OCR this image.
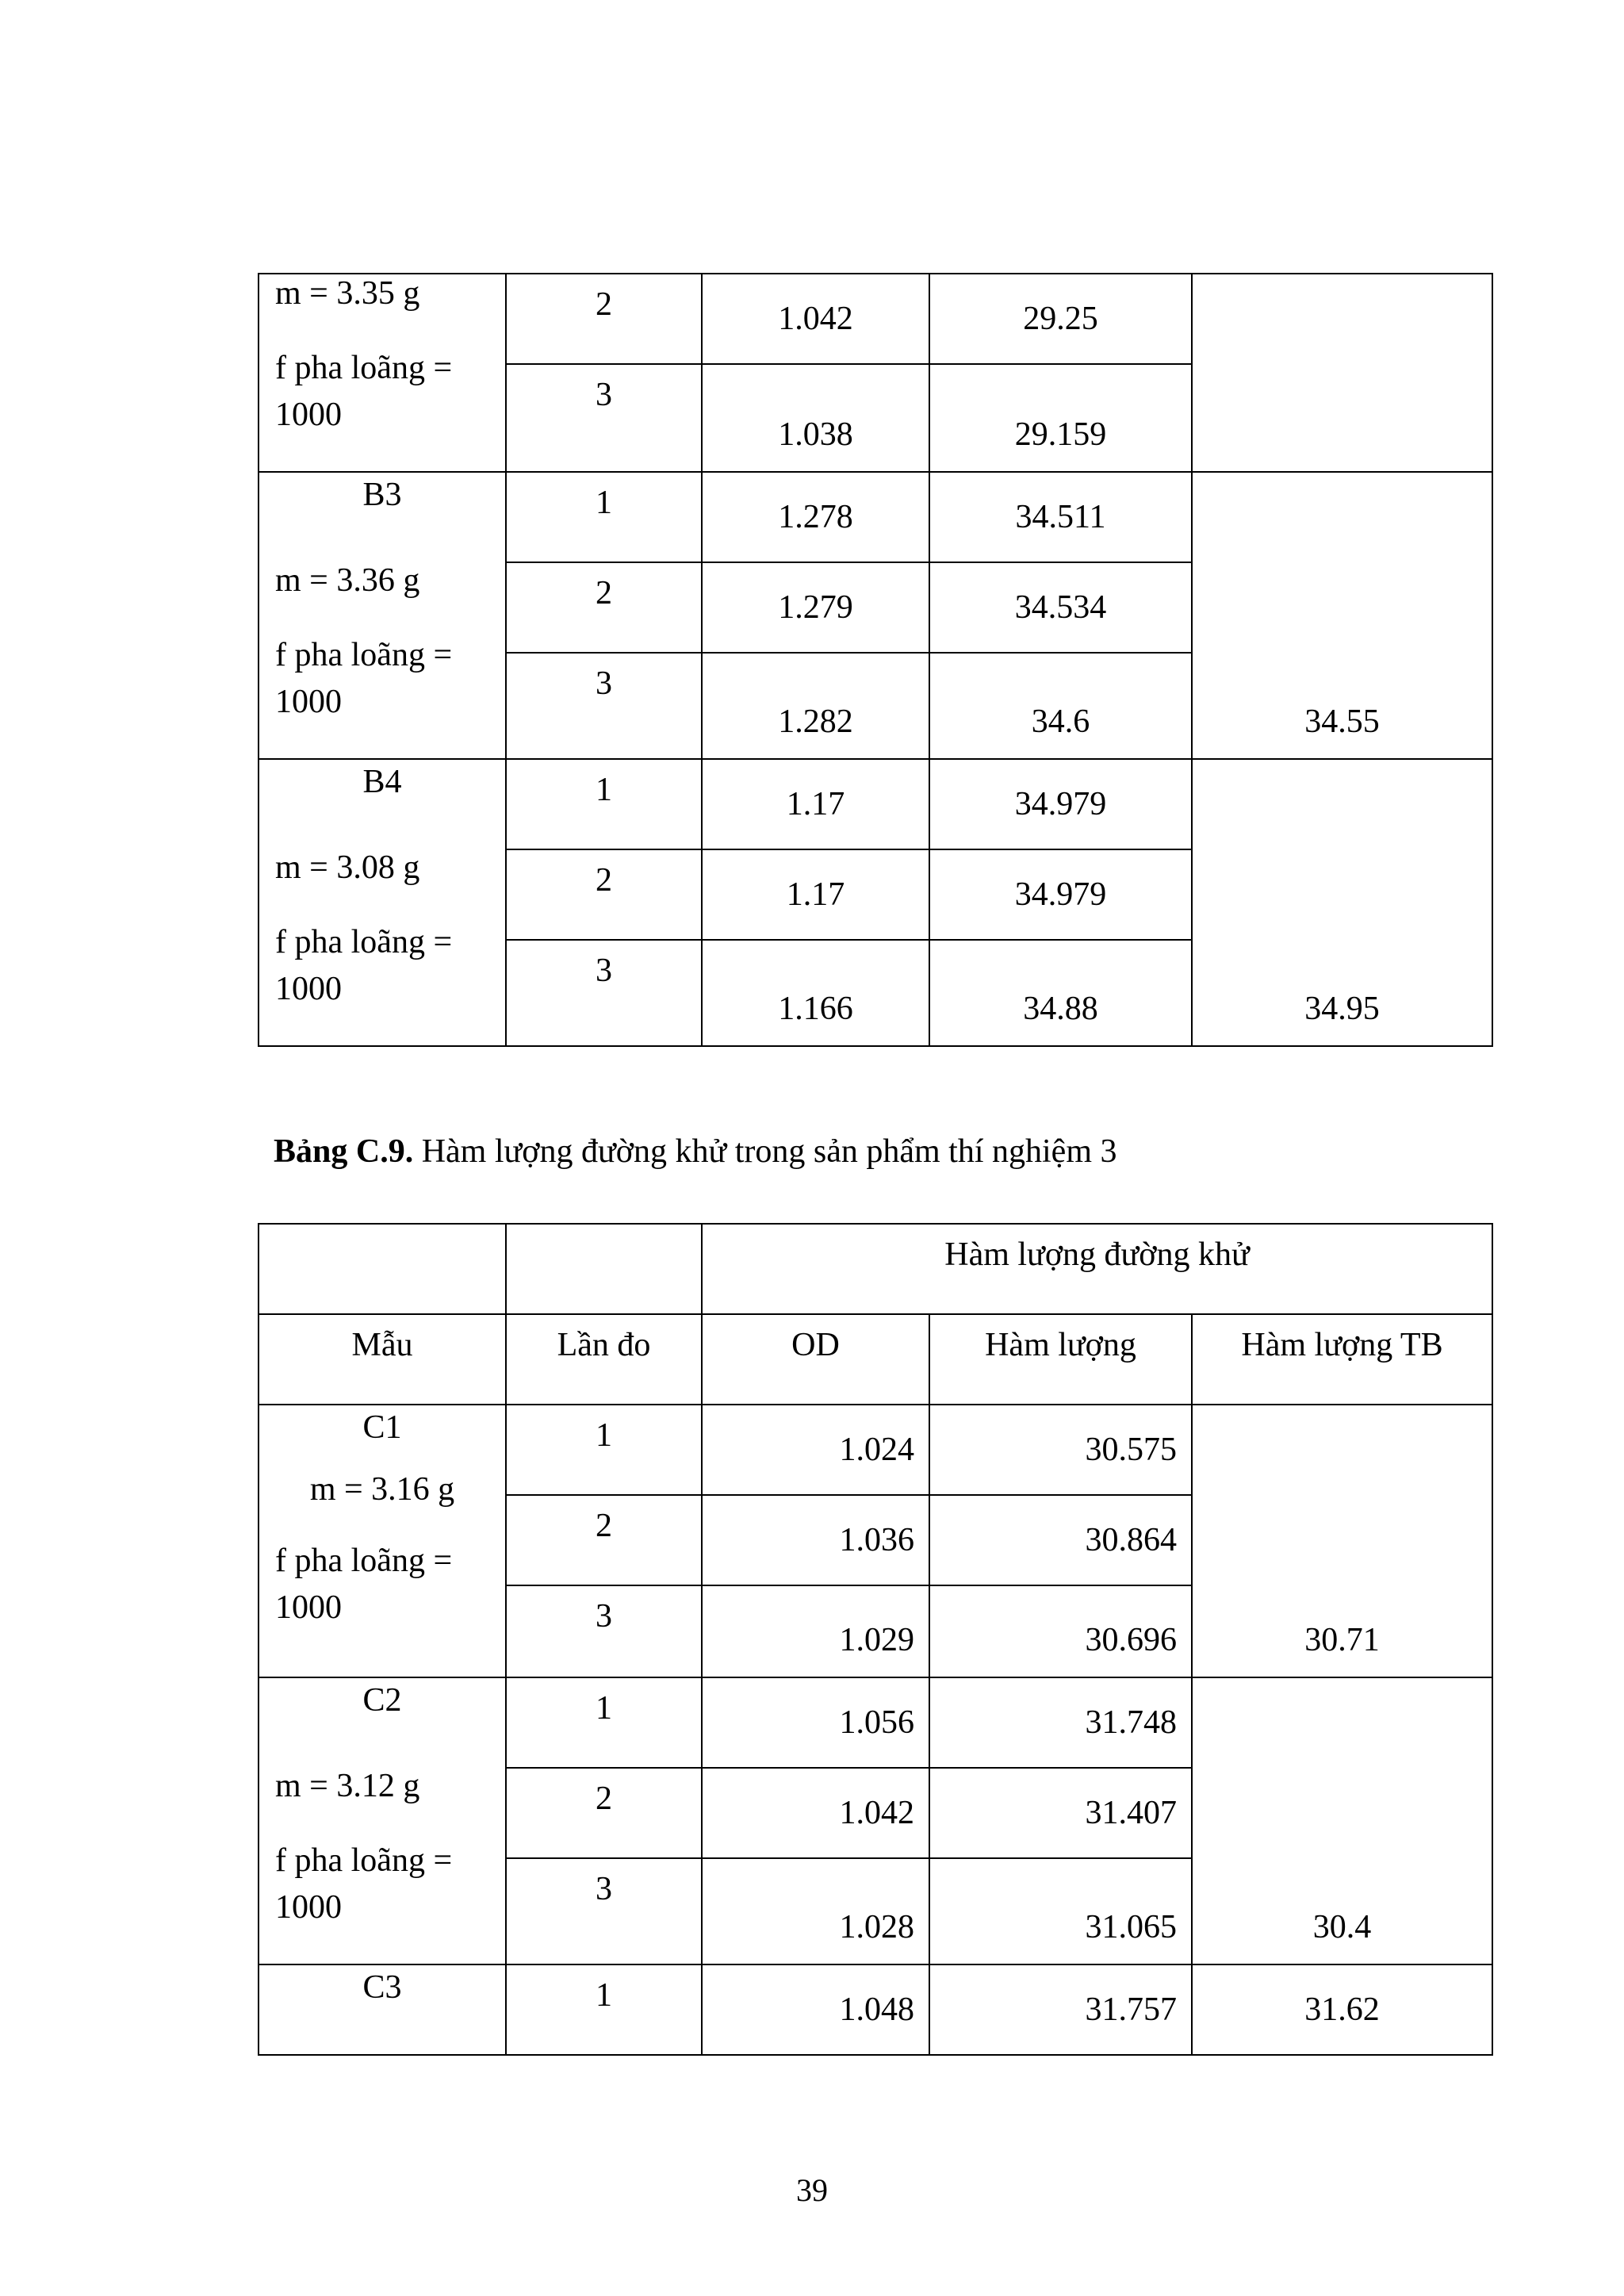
m = 3.35 g
f pha loãng =
1000	2	1.042	29.25	

	3	1.038	29.159	

B3
m = 3.36 g
f pha loãng =
1000	1	1.278	34.511	34.55

	2	1.279	34.534	

	3	1.282	34.6	

B4
m = 3.08 g
f pha loãng =
1000	1	1.17	34.979	34.95

	2	1.17	34.979	

	3	1.166	34.88	
Bảng C.9. Hàm lượng đường khử trong sản phẩm thí nghiệm 3

		Hàm lượng đường khử		

Mẫu	Lần đo	OD	Hàm lượng	Hàm lượng TB

C1
m = 3.16 g
f pha loãng =
1000	1	1.024	30.575	30.71

	2	1.036	30.864	

	3	1.029	30.696	

C2
m = 3.12 g
f pha loãng =
1000	1	1.056	31.748	30.4

	2	1.042	31.407	

	3	1.028	31.065	

C3	1	1.048	31.757	31.62
39
